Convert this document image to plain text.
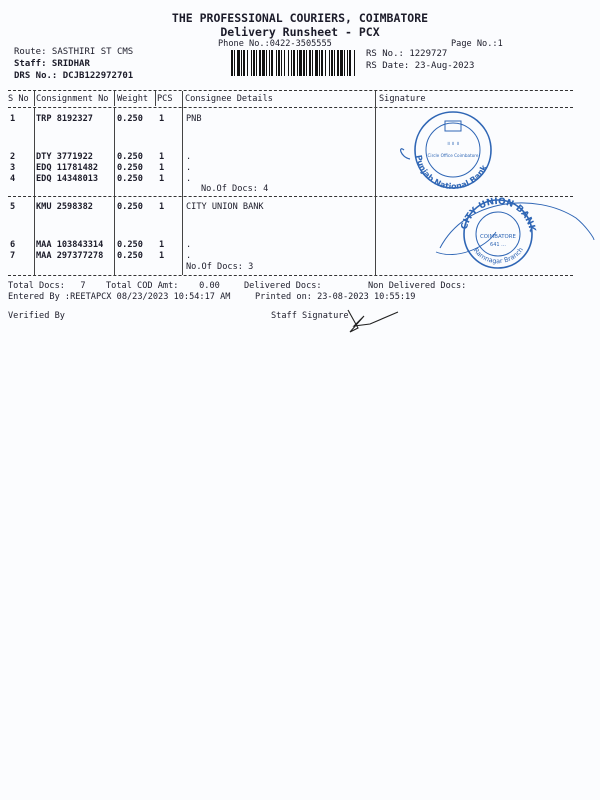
THE PROFESSIONAL COURIERS, COIMBATORE
Delivery Runsheet - PCX
Phone No.:0422-3505555	Page No.:1
Route: SASTHIRI ST CMS
Staff: SRIDHAR
DRS No.: DCJB122972701
RS No.: 1229727
RS Date: 23-Aug-2023
S No Consignment No Weight PCS Consignee Details	Signature
1 TRP 8192327	0.250 1	PNB
2 DTY 3771922	0.250 1	.
3 EDQ 11781482 0.250 1	.
4 EDQ 14348013 0.250 1	.
No.Of Docs: 4
5 KMU 2598382	0.250 1	CITY UNION BANK
6 MAA 103843314 0.250 1	.
7 MAA 297377278 0.250 1	.
No.Of Docs: 3
Total Docs:   7 Total COD Amt:    0.00	Delivered Docs:	Non Delivered Docs:
Entered By :REETAPCX 08/23/2023 10:54:17 AM	Printed on: 23-08-2023 10:55:19
Verified By	Staff Signature
॥ ॥ ॥
Circle Office Coimbatore
Punjab National Bank
CITY UNION BANK
COIMBATORE
641 ...
Ramnagar Branch
